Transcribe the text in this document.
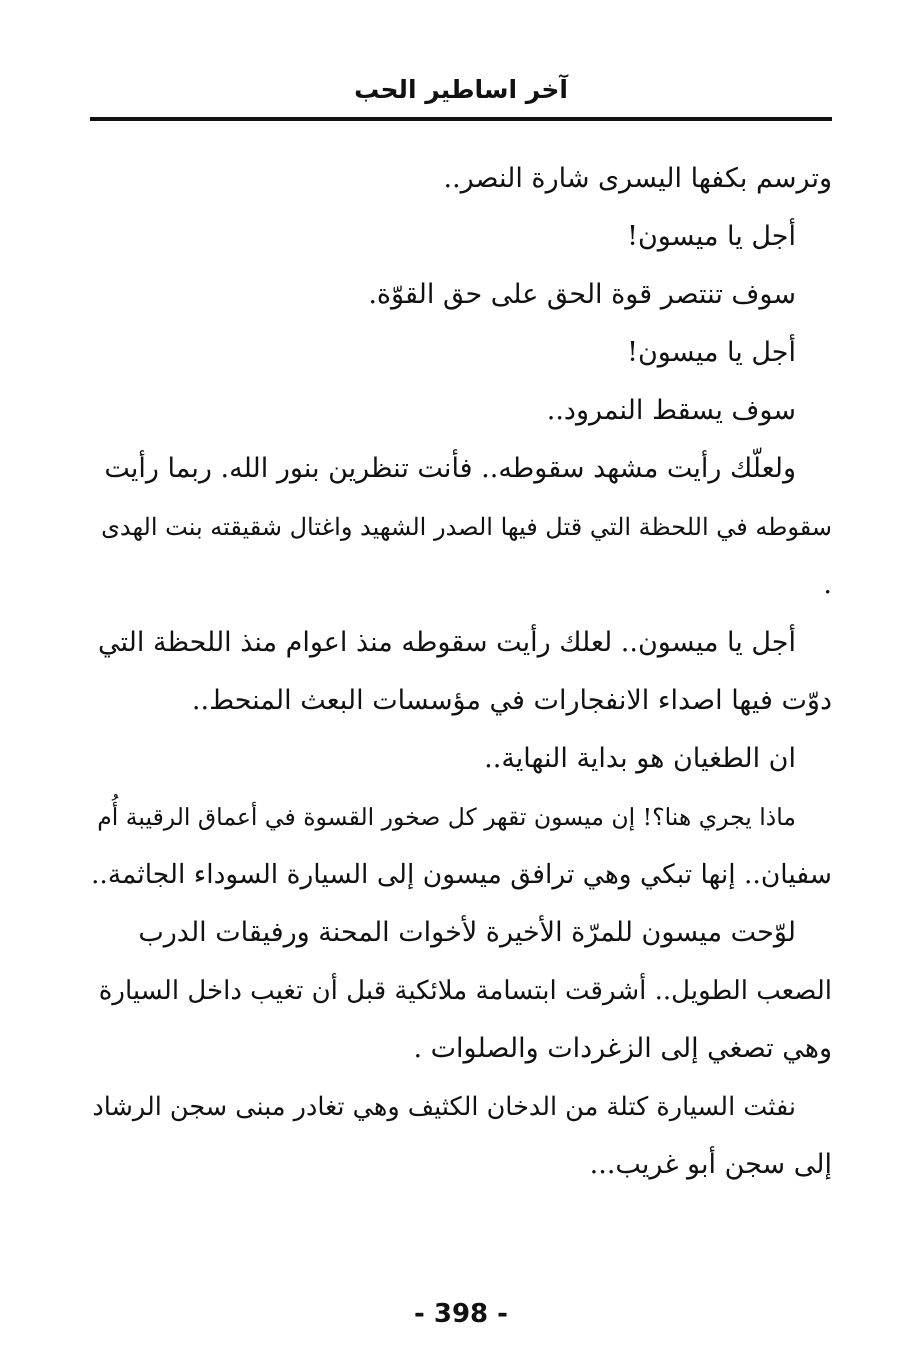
آخر اساطير الحب
وترسم بكفها اليسرى شارة النصر..
أجل يا ميسون!
سوف تنتصر قوة الحق على حق القوّة.
أجل يا ميسون!
سوف يسقط النمرود..
ولعلّك رأيت مشهد سقوطه.. فأنت تنظرين بنور الله. ربما رأيت
سقوطه في اللحظة التي قتل فيها الصدر الشهيد واغتال شقيقته بنت الهدى
.
أجل يا ميسون.. لعلك رأيت سقوطه منذ اعوام منذ اللحظة التي
دوّت فيها اصداء الانفجارات في مؤسسات البعث المنحط..
ان الطغيان هو بداية النهاية..
ماذا يجري هنا؟! إن ميسون تقهر كل صخور القسوة في أعماق الرقيبة أُم
سفيان.. إنها تبكي وهي ترافق ميسون إلى السيارة السوداء الجاثمة..
لوّحت ميسون للمرّة الأخيرة لأخوات المحنة ورفيقات الدرب
الصعب الطويل.. أشرقت ابتسامة ملائكية قبل أن تغيب داخل السيارة
وهي تصغي إلى الزغردات والصلوات .
نفثت السيارة كتلة من الدخان الكثيف وهي تغادر مبنى سجن الرشاد
إلى سجن أبو غريب...
- 398 -
